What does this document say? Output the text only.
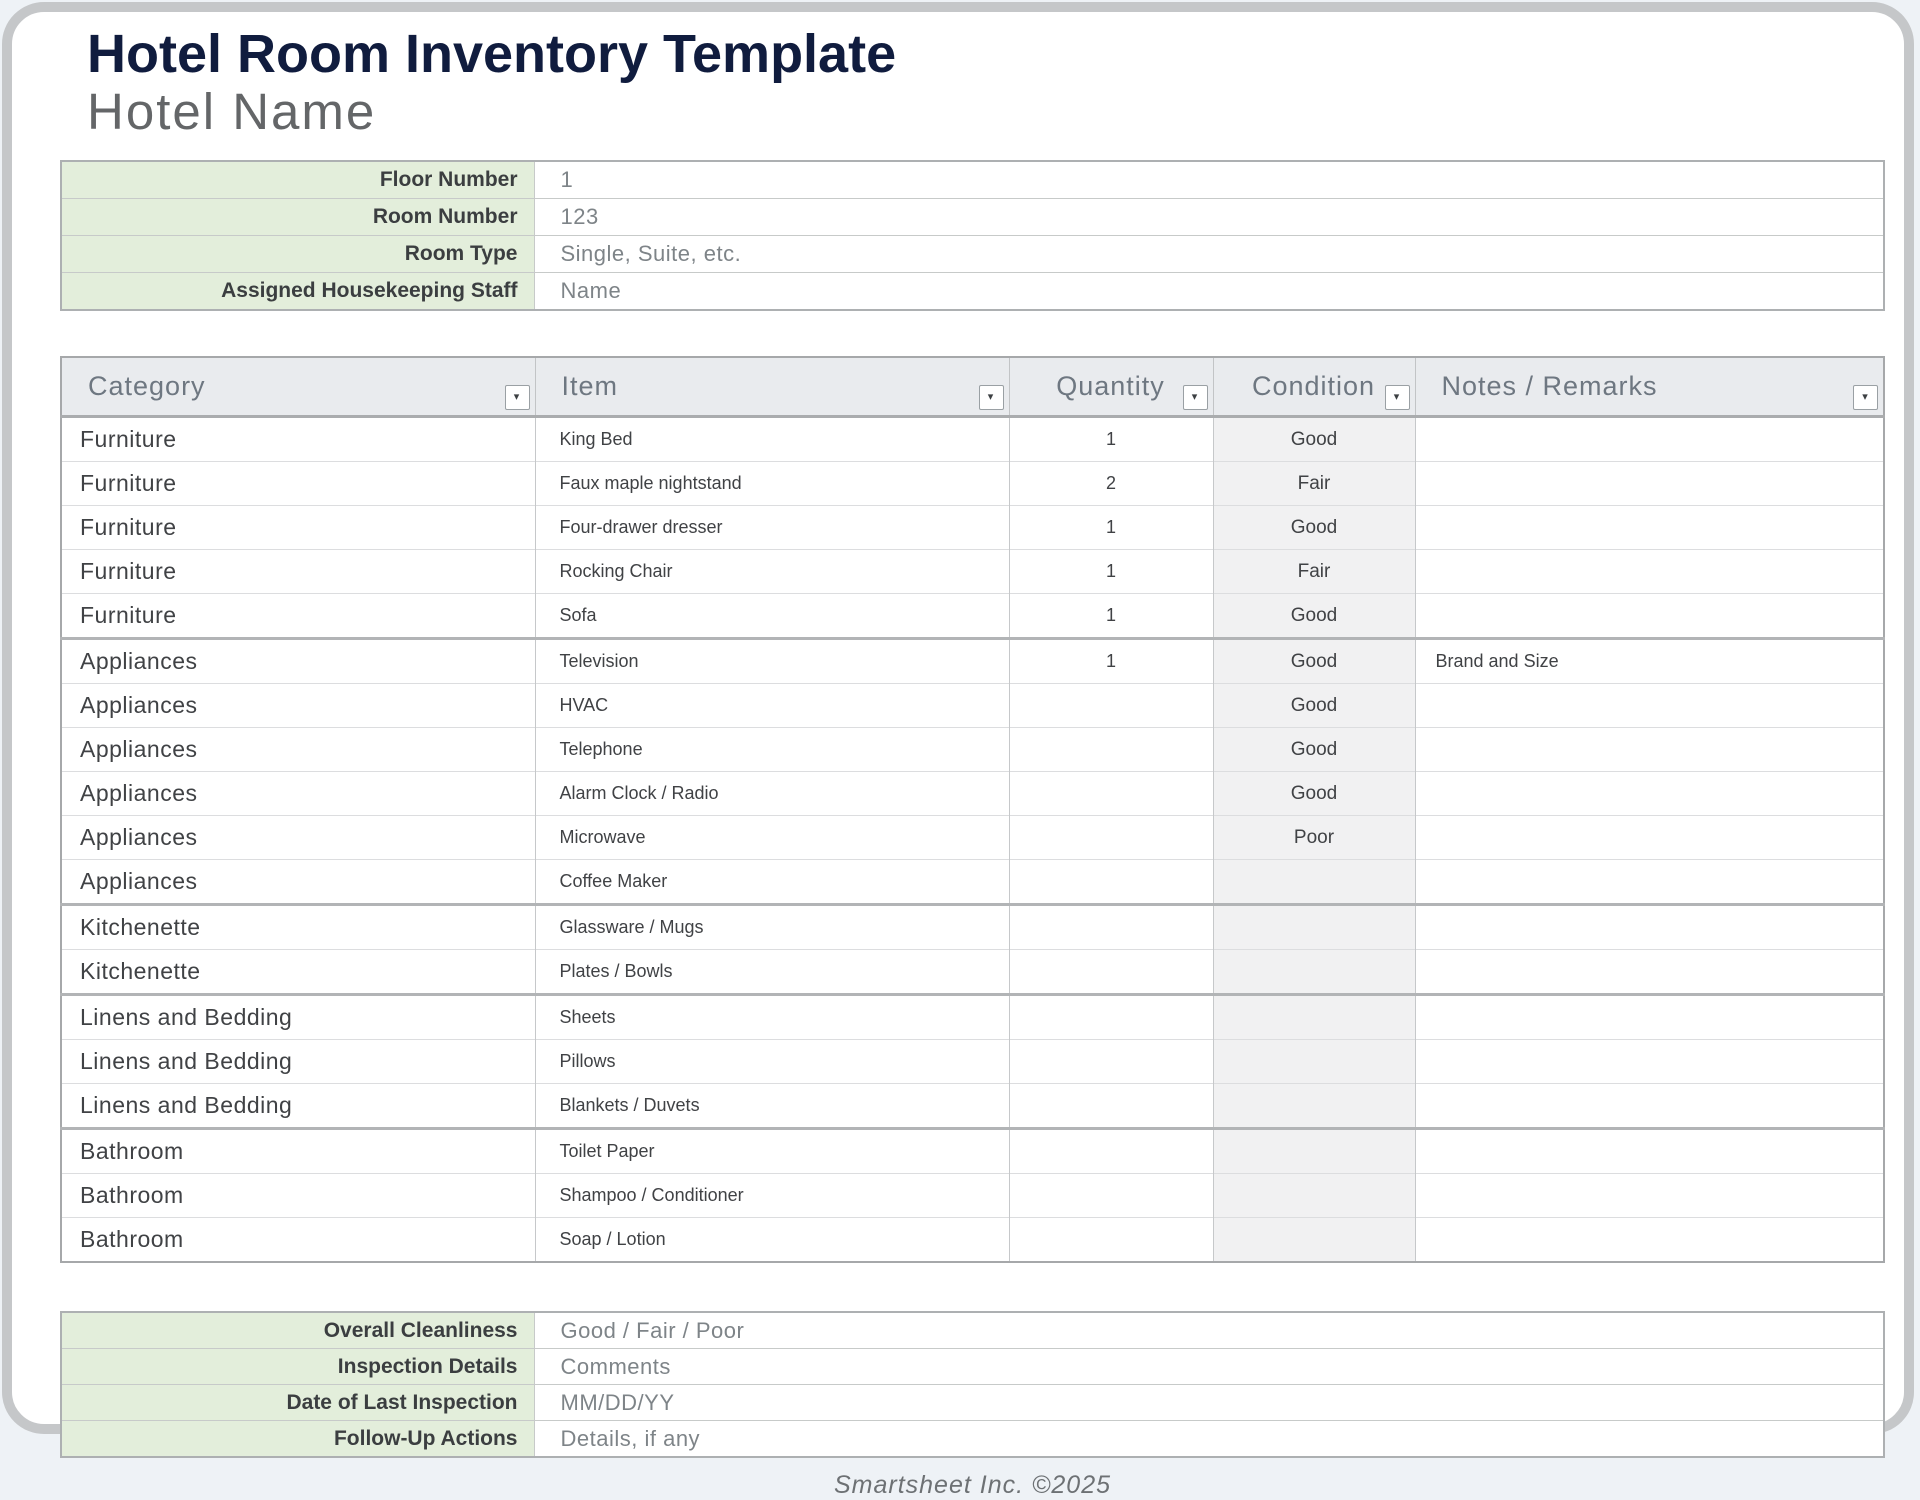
Hotel Room Inventory Template
Hotel Name
Floor Number	1
Room Number	123
Room Type	Single, Suite, etc.
Assigned Housekeeping Staff	Name
Category ▾	Item ▾	Quantity ▾	Condition ▾	Notes / Remarks ▾

Furniture	King Bed	1	Good	
Furniture	Faux maple nightstand	2	Fair	
Furniture	Four-drawer dresser	1	Good	
Furniture	Rocking Chair	1	Fair	
Furniture	Sofa	1	Good	
Appliances	Television	1	Good	Brand and Size
Appliances	HVAC		Good	
Appliances	Telephone		Good	
Appliances	Alarm Clock / Radio		Good	
Appliances	Microwave		Poor	
Appliances	Coffee Maker			
Kitchenette	Glassware / Mugs			
Kitchenette	Plates / Bowls			
Linens and Bedding	Sheets			
Linens and Bedding	Pillows			
Linens and Bedding	Blankets / Duvets			
Bathroom	Toilet Paper			
Bathroom	Shampoo / Conditioner			
Bathroom	Soap / Lotion			
Overall Cleanliness	Good / Fair / Poor
Inspection Details	Comments
Date of Last Inspection	MM/DD/YY
Follow-Up Actions	Details, if any
Smartsheet Inc. ©2025
